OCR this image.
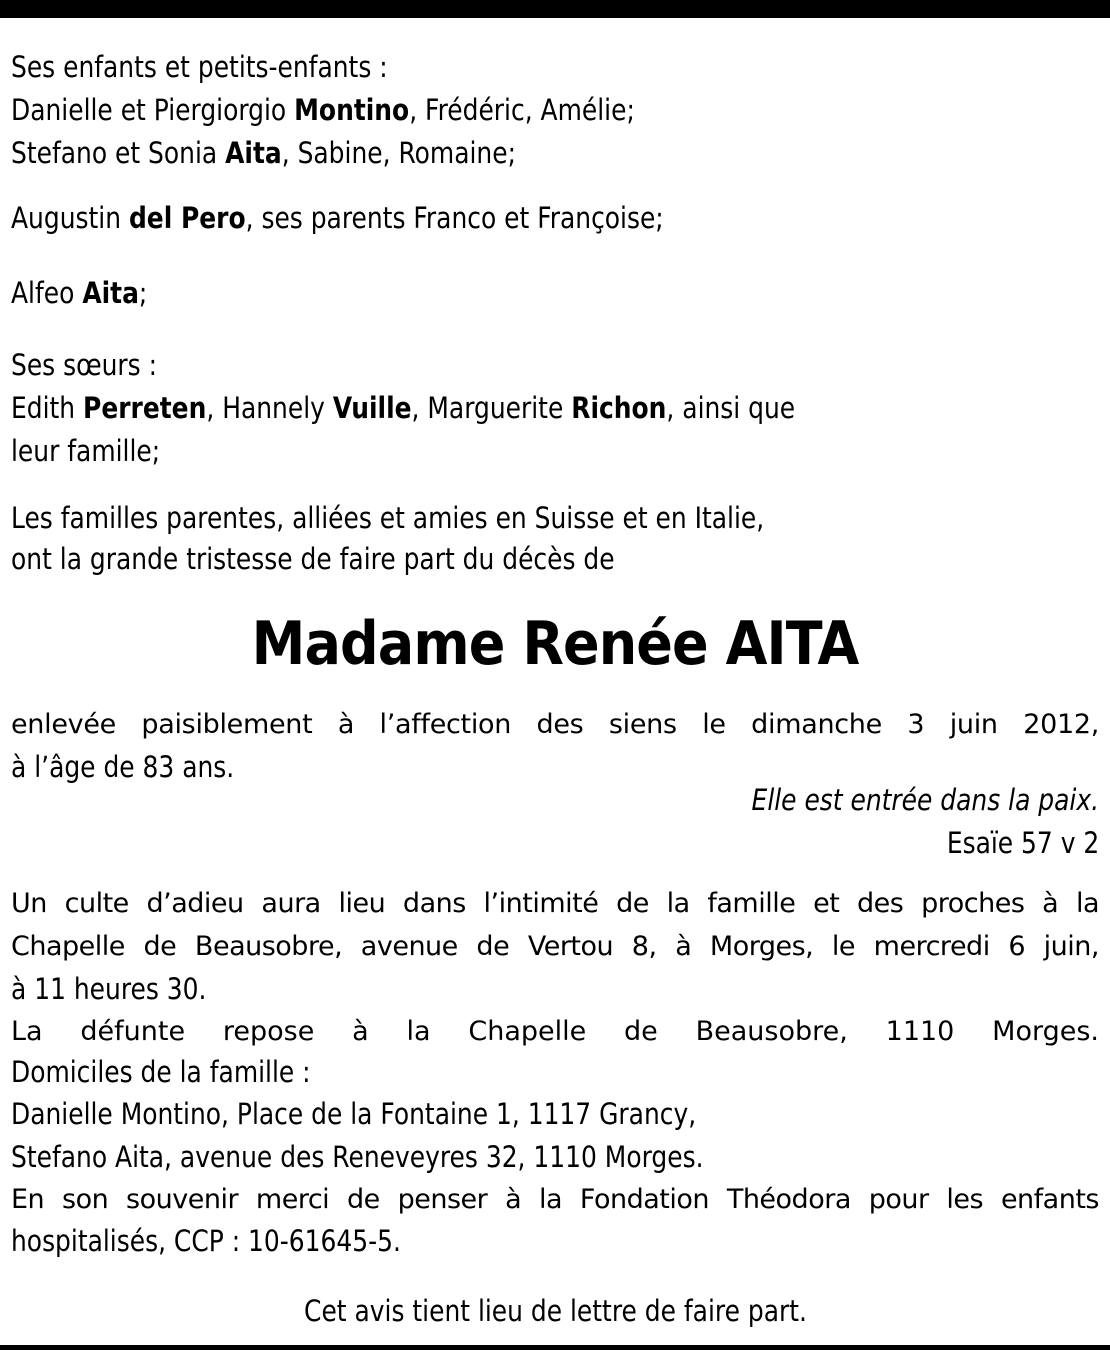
Ses enfants et petits-enfants :
Danielle et Piergiorgio Montino, Frédéric, Amélie;
Stefano et Sonia Aita, Sabine, Romaine;
Augustin del Pero, ses parents Franco et Françoise;
Alfeo Aita;
Ses sœurs :
Edith Perreten, Hannely Vuille, Marguerite Richon, ainsi que
leur famille;
Les familles parentes, alliées et amies en Suisse et en Italie,
ont la grande tristesse de faire part du décès de
Madame Renée AITA
enlevée paisiblement à l’affection des siens le dimanche 3 juin 2012,
à l’âge de 83 ans.
Elle est entrée dans la paix.
Esaïe 57 v 2
Un culte d’adieu aura lieu dans l’intimité de la famille et des proches à la
Chapelle de Beausobre, avenue de Vertou 8, à Morges, le mercredi 6 juin,
à 11 heures 30.
La défunte repose à la Chapelle de Beausobre, 1110 Morges.
Domiciles de la famille :
Danielle Montino, Place de la Fontaine 1, 1117 Grancy,
Stefano Aita, avenue des Reneveyres 32, 1110 Morges.
En son souvenir merci de penser à la Fondation Théodora pour les enfants
hospitalisés, CCP : 10-61645-5.
Cet avis tient lieu de lettre de faire part.
